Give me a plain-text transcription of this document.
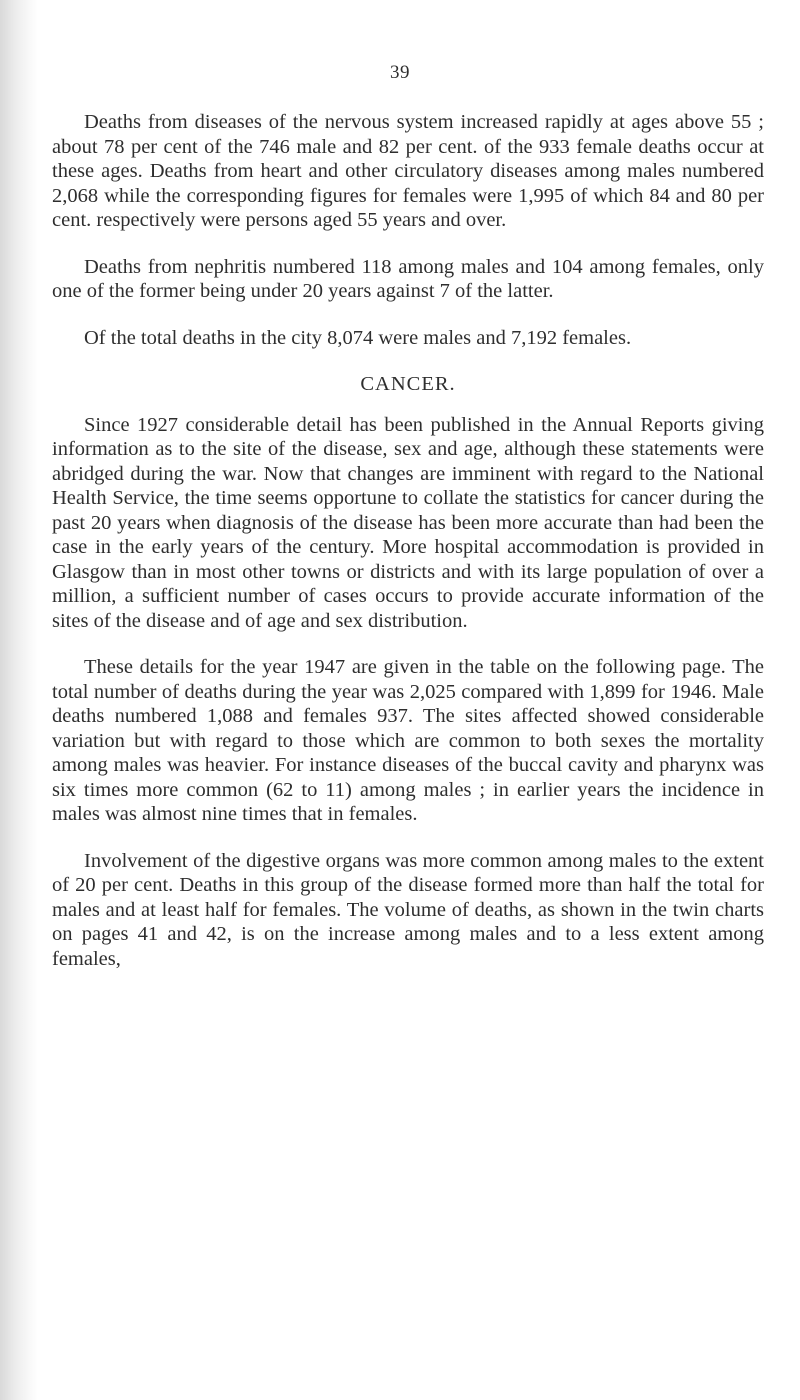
39

Deaths from diseases of the nervous system increased rapidly at ages above 55 ; about 78 per cent of the 746 male and 82 per cent. of the 933 female deaths occur at these ages. Deaths from heart and other circulatory diseases among males numbered 2,068 while the corresponding figures for females were 1,995 of which 84 and 80 per cent. respectively were persons aged 55 years and over.

Deaths from nephritis numbered 118 among males and 104 among females, only one of the former being under 20 years against 7 of the latter.

Of the total deaths in the city 8,074 were males and 7,192 females.

CANCER.

Since 1927 considerable detail has been published in the Annual Reports giving information as to the site of the disease, sex and age, although these statements were abridged during the war. Now that changes are imminent with regard to the National Health Service, the time seems opportune to collate the statistics for cancer during the past 20 years when diagnosis of the disease has been more accurate than had been the case in the early years of the century. More hospital accommodation is provided in Glasgow than in most other towns or districts and with its large population of over a million, a sufficient number of cases occurs to provide accurate information of the sites of the disease and of age and sex distribution.

These details for the year 1947 are given in the table on the following page. The total number of deaths during the year was 2,025 compared with 1,899 for 1946. Male deaths numbered 1,088 and females 937. The sites affected showed considerable variation but with regard to those which are common to both sexes the mortality among males was heavier. For instance diseases of the buccal cavity and pharynx was six times more common (62 to 11) among males ; in earlier years the incidence in males was almost nine times that in females.

Involvement of the digestive organs was more common among males to the extent of 20 per cent. Deaths in this group of the disease formed more than half the total for males and at least half for females. The volume of deaths, as shown in the twin charts on pages 41 and 42, is on the increase among males and to a less extent among females,
